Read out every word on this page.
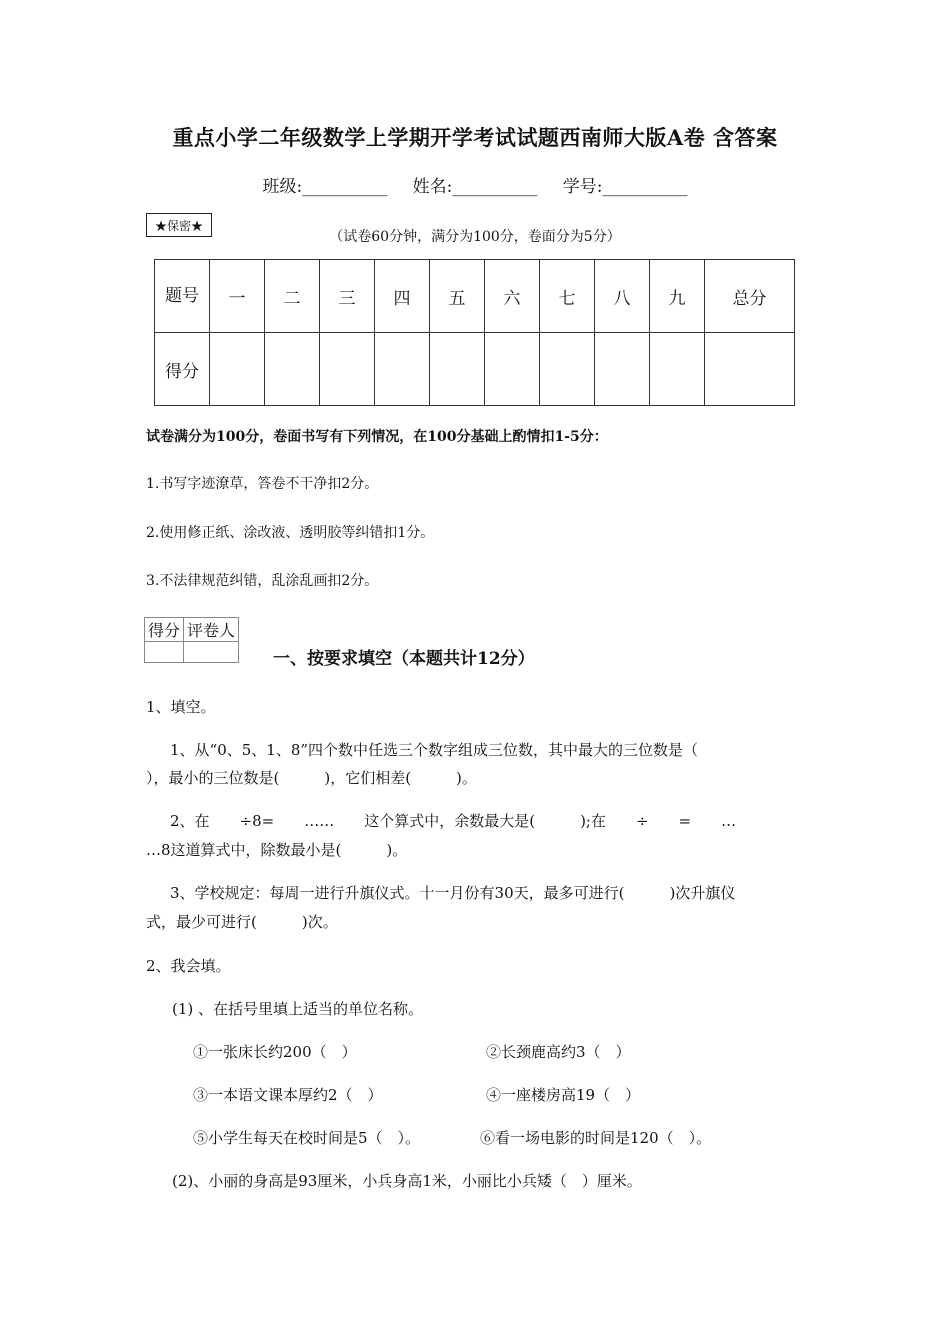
重点小学二年级数学上学期开学考试试题西南师大版A卷 含答案
班级:__________ 姓名:__________ 学号:__________
★保密★
（试卷60分钟，满分为100分，卷面分为5分）
题号	一	二	三	四	五	六	七	八	九	总分
得分										
试卷满分为100分，卷面书写有下列情况，在100分基础上酌情扣1-5分：
1.书写字迹潦草，答卷不干净扣2分。
2.使用修正纸、涂改液、透明胶等纠错扣1分。
3.不法律规范纠错，乱涂乱画扣2分。
得分	评卷人

一、按要求填空（本题共计12分）
1、填空。
1、从“0、5、1、8”四个数中任选三个数字组成三位数，其中最大的三位数是（
），最小的三位数是(　　　)，它们相差(　　　)。
2、在　　÷8=　　……　　这个算式中，余数最大是(　　　);在　　÷　　=　　…
…8这道算式中，除数最小是(　　　)。
3、学校规定：每周一进行升旗仪式。十一月份有30天，最多可进行(　　　)次升旗仪
式，最少可进行(　　　)次。
2、我会填。
(1) 、在括号里填上适当的单位名称。
①一张床长约200（　）	②长颈鹿高约3（　）
③一本语文课本厚约2（　）	④一座楼房高19（　）
⑤小学生每天在校时间是5（　）。	⑥看一场电影的时间是120（　）。
(2)、小丽的身高是93厘米，小兵身高1米，小丽比小兵矮（　）厘米。
